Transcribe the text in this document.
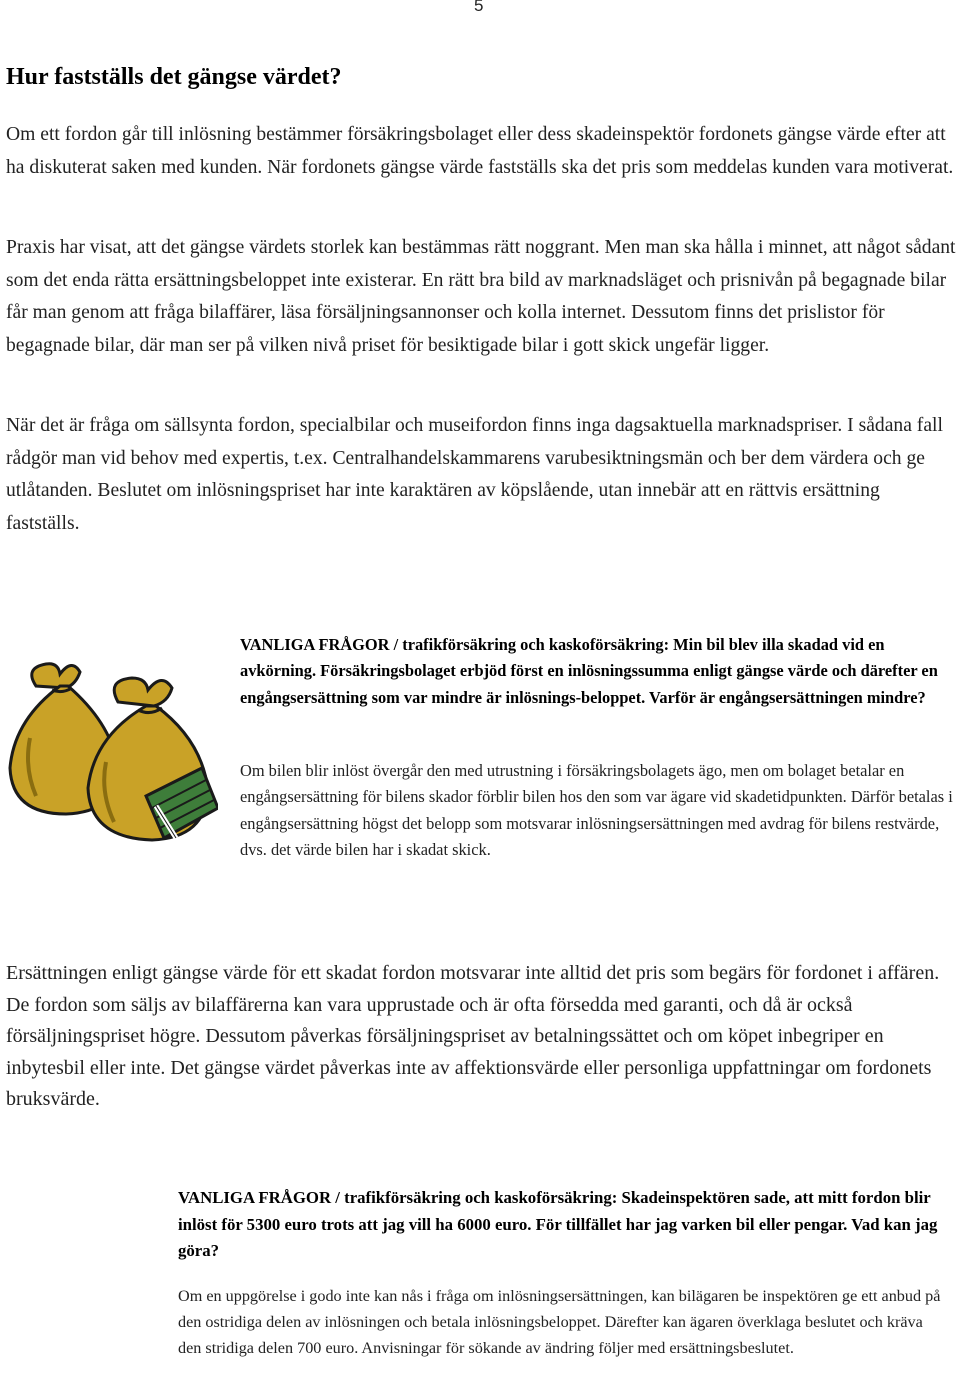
5
Hur fastställs det gängse värdet?

Om ett fordon går till inlösning bestämmer försäkringsbolaget eller dess skadeinspektör fordonets gängse värde efter att ha diskuterat saken med kunden. När fordonets gängse värde fastställs ska det pris som meddelas kunden vara motiverat.

Praxis har visat, att det gängse värdets storlek kan bestämmas rätt noggrant. Men man ska hålla i minnet, att något sådant som det enda rätta ersättningsbeloppet inte existerar. En rätt bra bild av marknadsläget och prisnivån på begagnade bilar får man genom att fråga bilaffärer, läsa försäljningsannonser och kolla internet. Dessutom finns det prislistor för begagnade bilar, där man ser på vilken nivå priset för besiktigade bilar i gott skick ungefär ligger.

När det är fråga om sällsynta fordon, specialbilar och museifordon finns inga dagsaktuella marknadspriser. I sådana fall rådgör man vid behov med expertis, t.ex. Centralhandelskammarens varubesiktningsmän och ber dem värdera och ge utlåtanden. Beslutet om inlösningspriset har inte karaktären av köpslående, utan innebär att en rättvis ersättning fastställs.

VANLIGA FRÅGOR / trafikförsäkring och kaskoförsäkring: Min bil blev illa skadad vid en avkörning. Försäkringsbolaget erbjöd först en inlösningssumma enligt gängse värde och därefter en engångsersättning som var mindre är inlösnings-beloppet. Varför är engångsersättningen mindre?

Om bilen blir inlöst övergår den med utrustning i försäkringsbolagets ägo, men om bolaget betalar en engångsersättning för bilens skador förblir bilen hos den som var ägare vid skadetidpunkten. Därför betalas i engångsersättning högst det belopp som motsvarar inlösningsersättningen med avdrag för bilens restvärde, dvs. det värde bilen har i skadat skick.

Ersättningen enligt gängse värde för ett skadat fordon motsvarar inte alltid det pris som begärs för fordonet i affären. De fordon som säljs av bilaffärerna kan vara upprustade och är ofta försedda med garanti, och då är också försäljningspriset högre. Dessutom påverkas försäljningspriset av betalningssättet och om köpet inbegriper en inbytesbil eller inte. Det gängse värdet påverkas inte av affektionsvärde eller personliga uppfattningar om fordonets bruksvärde.

VANLIGA FRÅGOR / trafikförsäkring och kaskoförsäkring: Skadeinspektören sade, att mitt fordon blir inlöst för 5300 euro trots att jag vill ha 6000 euro. För tillfället har jag varken bil eller pengar. Vad kan jag göra?

Om en uppgörelse i godo inte kan nås i fråga om inlösningsersättningen, kan bilägaren be inspektören ge ett anbud på den ostridiga delen av inlösningen och betala inlösningsbeloppet. Därefter kan ägaren överklaga beslutet och kräva den stridiga delen 700 euro. Anvisningar för sökande av ändring följer med ersättningsbeslutet.
